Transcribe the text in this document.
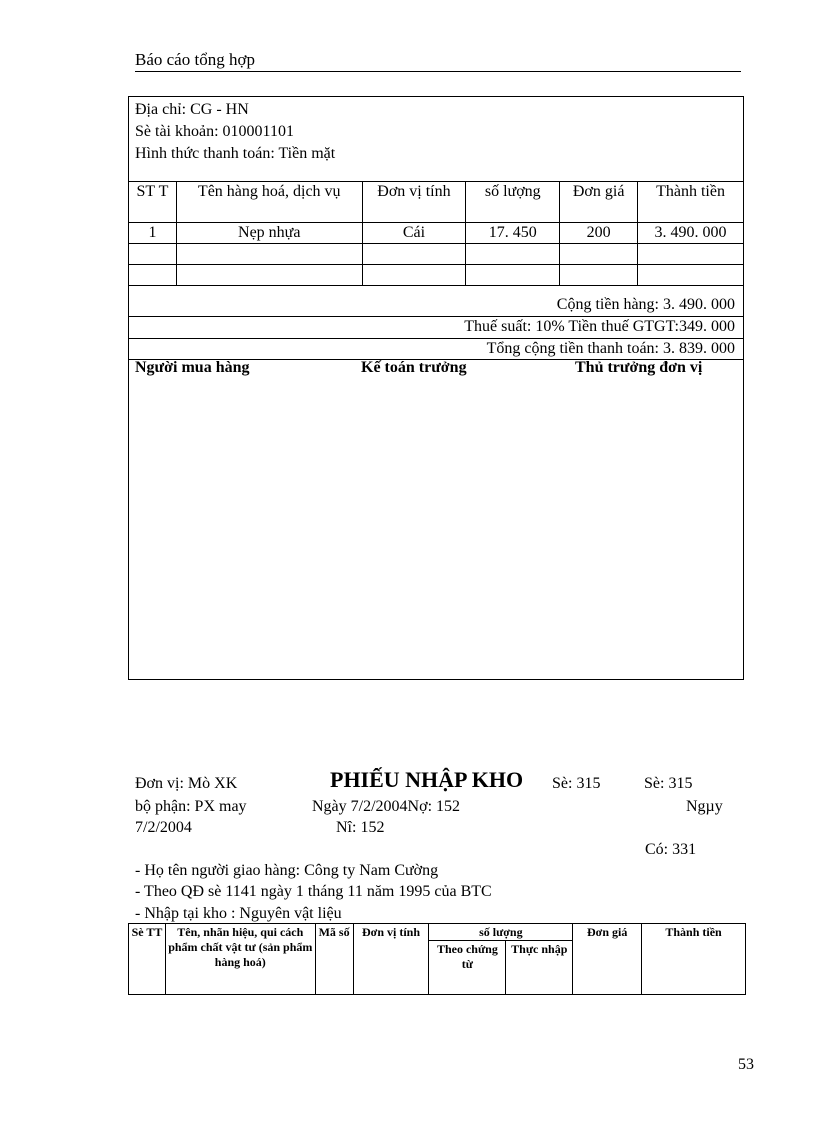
Báo cáo tổng hợp
Địa chỉ: CG - HN
Sè tài khoản: 010001101
Hình thức thanh toán: Tiền mặt
ST T	Tên hàng hoá, dịch vụ	Đơn vị tính	số lượng	Đơn giá	Thành tiền
1	Nẹp nhựa	Cái	17. 450	200	3. 490. 000

Cộng tiền hàng: 3. 490. 000
Thuế suất: 10% Tiền thuế GTGT:349. 000
Tổng cộng tiền thanh toán: 3. 839. 000
Người mua hàng	Kế toán trưởng	Thủ trưởng đơn vị
Đơn vị: Mò XK	PHIẾU NHẬP KHO Sè: 315	Sè: 315
bộ phận: PX may	Ngày 7/2/2004Nợ: 152	Ngµy
7/2/2004	Nî: 152
Có: 331
- Họ tên người giao hàng: Công ty Nam Cường
- Theo QĐ sè 1141 ngày 1 tháng 11 năm 1995 của BTC
- Nhập tại kho : Nguyên vật liệu
Sè TT	Tên, nhãn hiệu, qui cách phẩm chất vật tư (sản phẩm hàng hoá)	Mã số	Đơn vị tính	số lượng		Đơn giá	Thành tiền
				Theo chứng từ	Thực nhập		
53
